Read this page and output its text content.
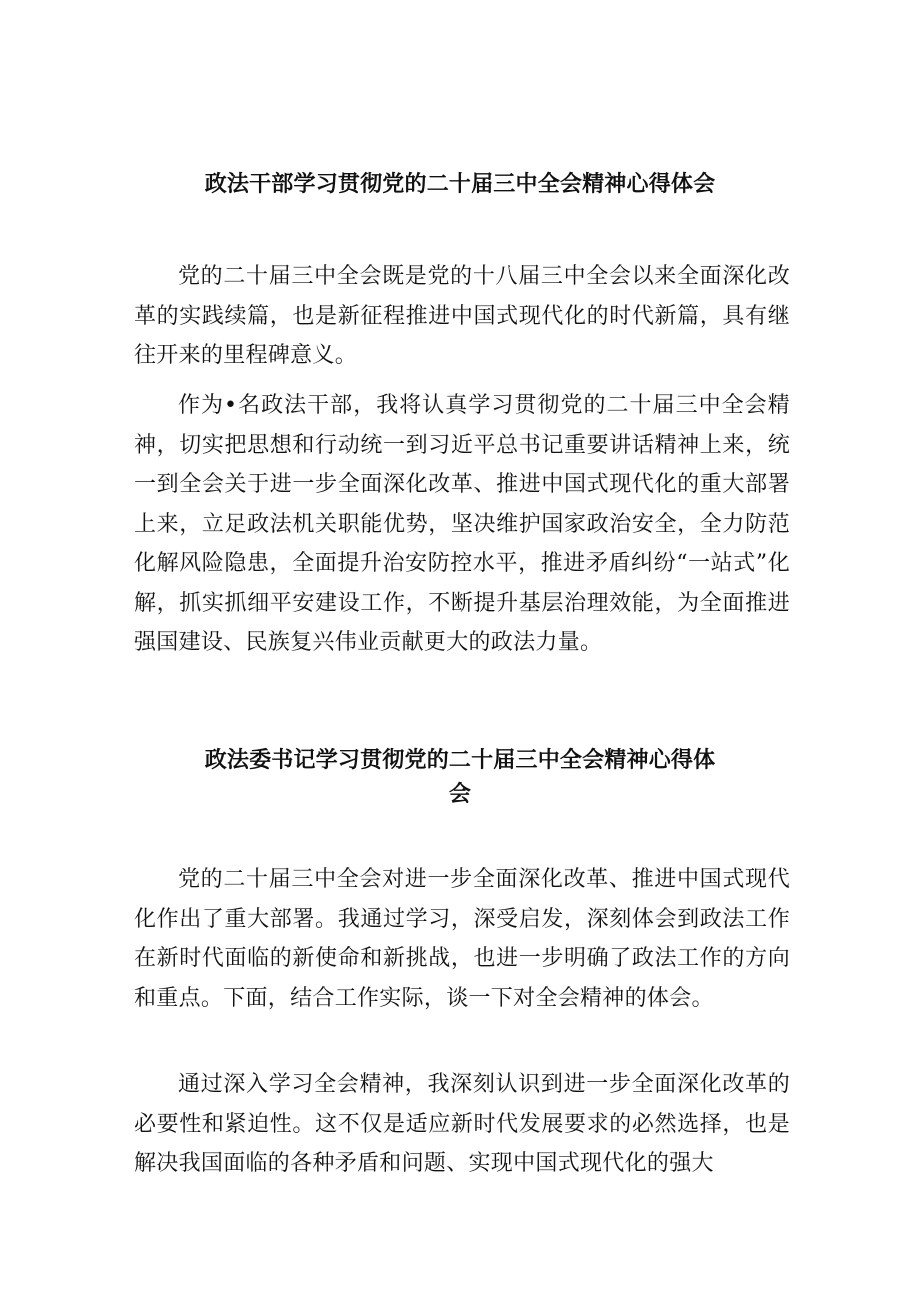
政法干部学习贯彻党的二十届三中全会精神心得体会

党的二十届三中全会既是党的十八届三中全会以来全面深化改革的实践续篇，也是新征程推进中国式现代化的时代新篇，具有继往开来的里程碑意义。

作为•名政法干部，我将认真学习贯彻党的二十届三中全会精神，切实把思想和行动统一到习近平总书记重要讲话精神上来，统一到全会关于进一步全面深化改革、推进中国式现代化的重大部署上来，立足政法机关职能优势，坚决维护国家政治安全，全力防范化解风险隐患，全面提升治安防控水平，推进矛盾纠纷“一站式”化解，抓实抓细平安建设工作，不断提升基层治理效能，为全面推进强国建设、民族复兴伟业贡献更大的政法力量。

政法委书记学习贯彻党的二十届三中全会精神心得体
会

党的二十届三中全会对进一步全面深化改革、推进中国式现代化作出了重大部署。我通过学习，深受启发，深刻体会到政法工作在新时代面临的新使命和新挑战，也进一步明确了政法工作的方向和重点。下面，结合工作实际，谈一下对全会精神的体会。

通过深入学习全会精神，我深刻认识到进一步全面深化改革的必要性和紧迫性。这不仅是适应新时代发展要求的必然选择，也是解决我国面临的各种矛盾和问题、实现中国式现代化的强大
